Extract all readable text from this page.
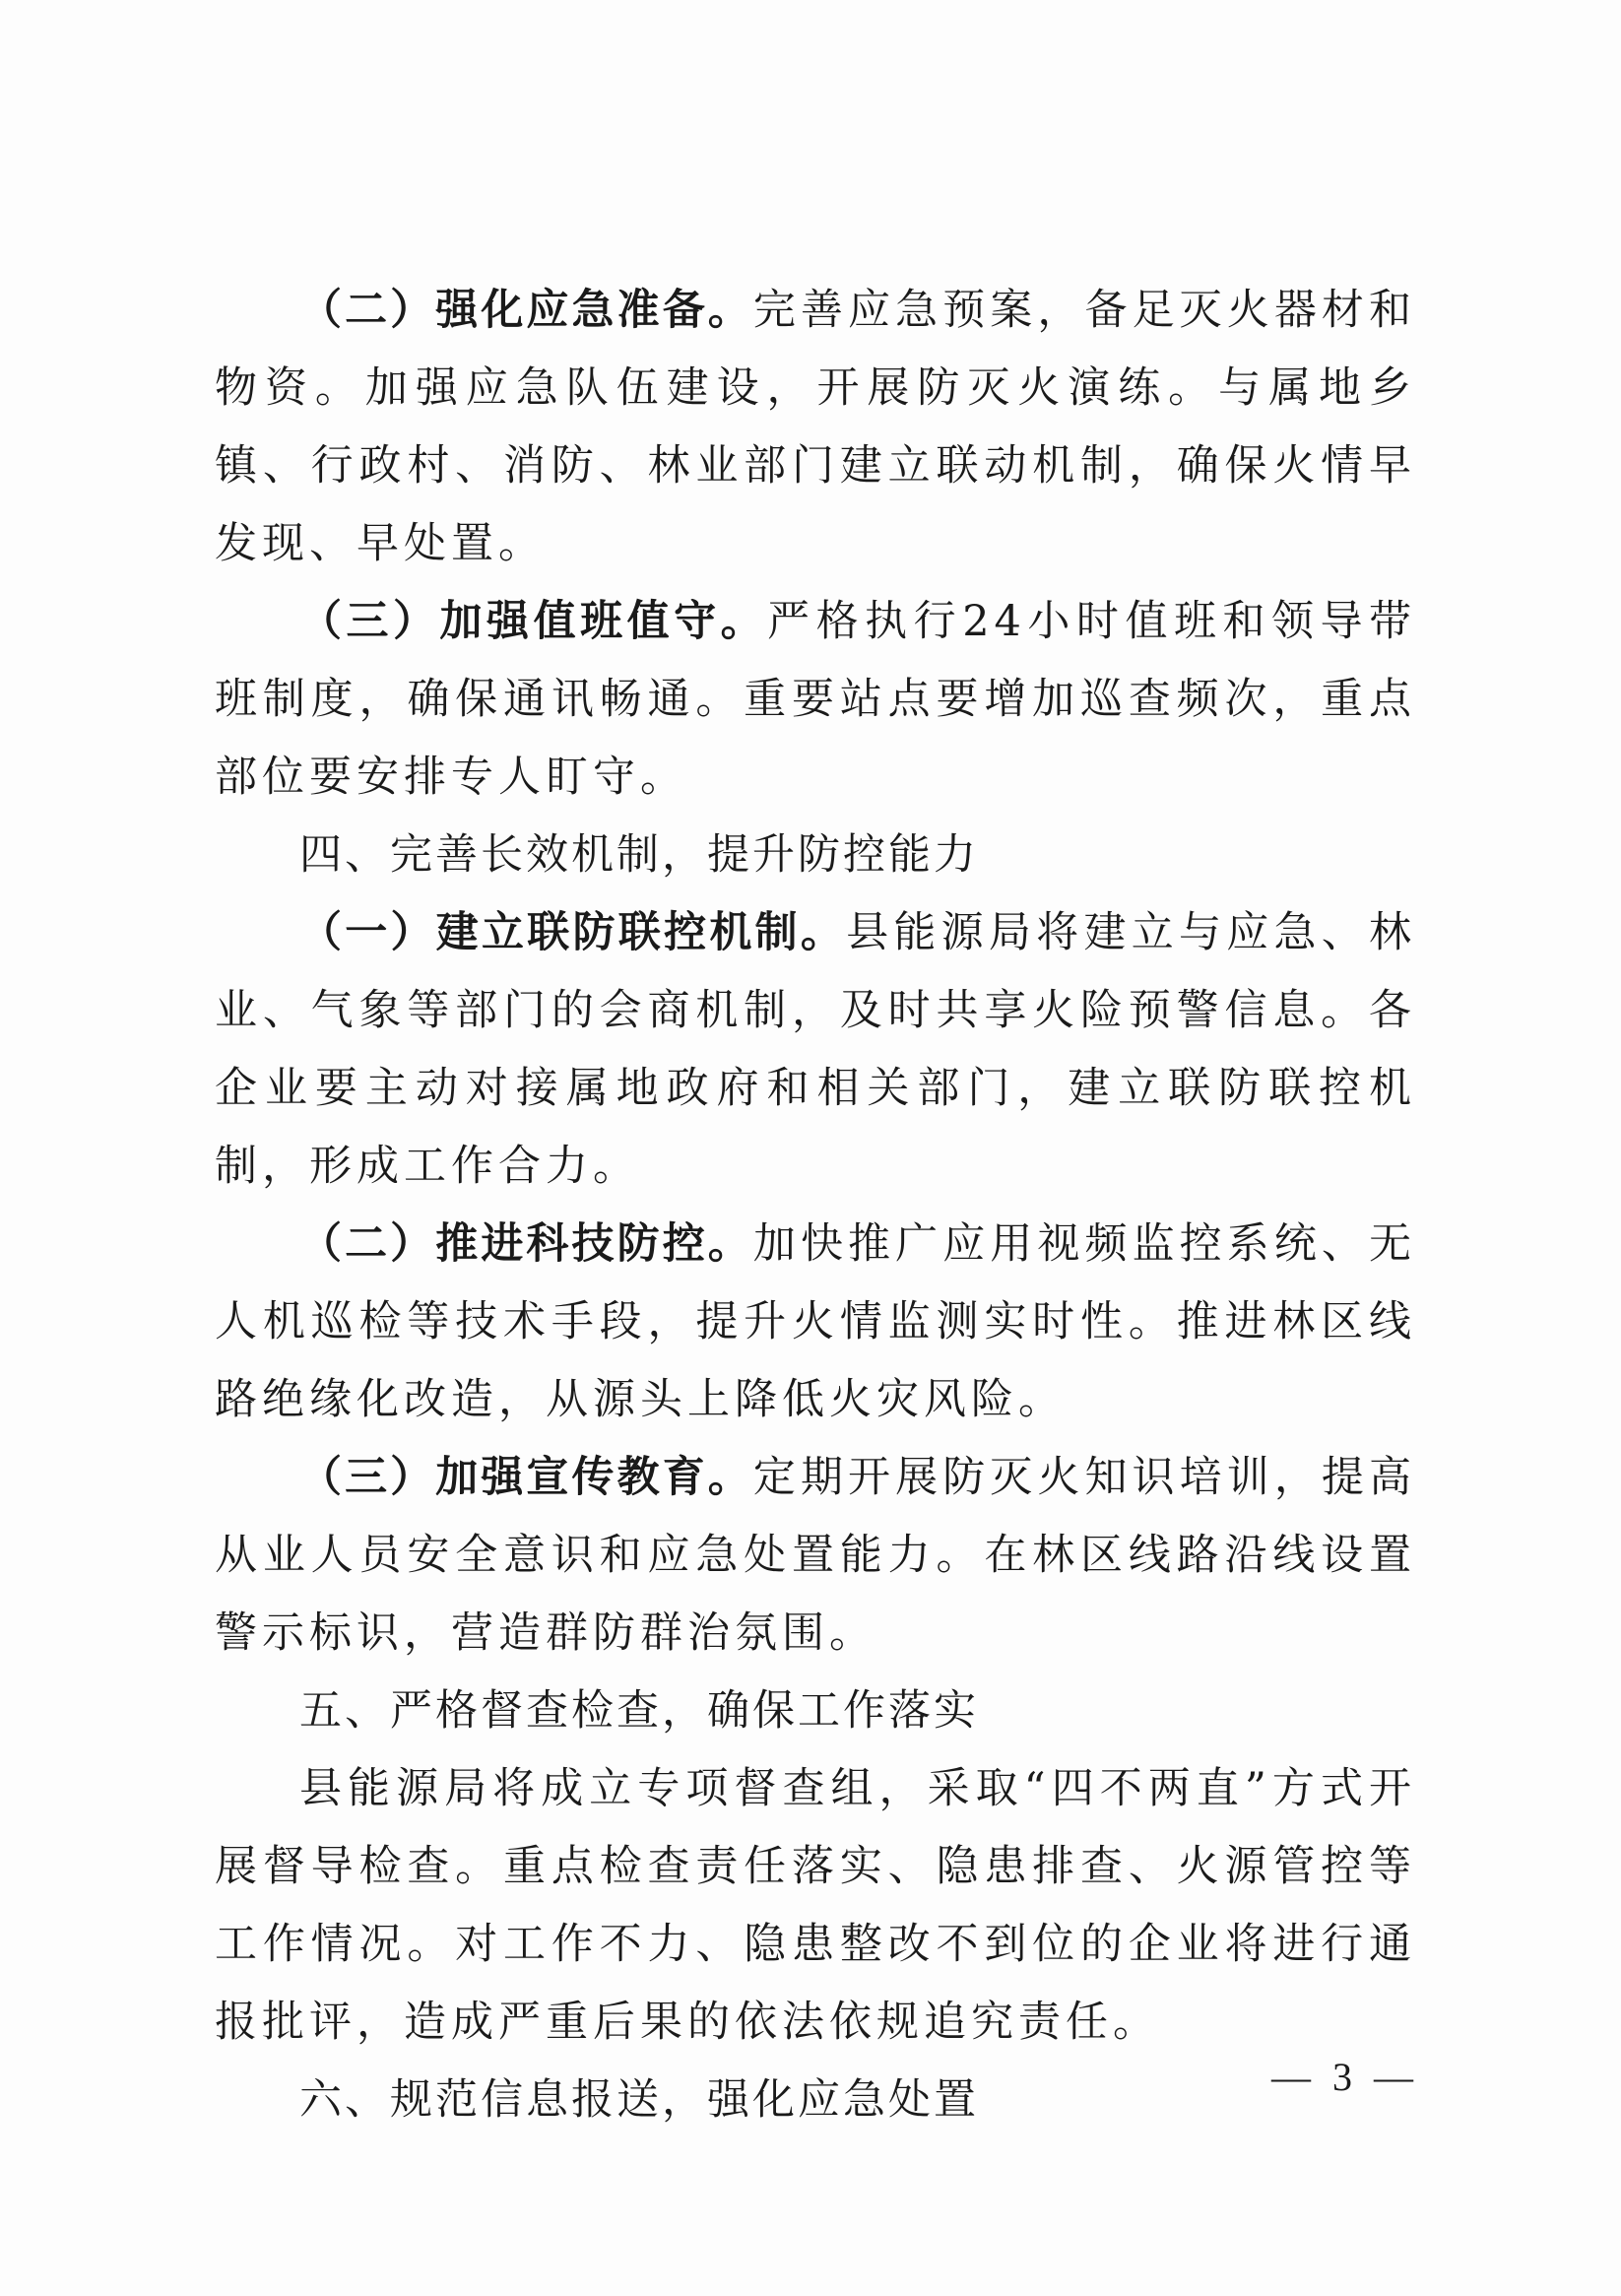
（二）强化应急准备。完善应急预案，备足灭火器材和物资。加强应急队伍建设，开展防灭火演练。与属地乡镇、行政村、消防、林业部门建立联动机制，确保火情早发现、早处置。

（三）加强值班值守。严格执行24小时值班和领导带班制度，确保通讯畅通。重要站点要增加巡查频次，重点部位要安排专人盯守。

四、完善长效机制，提升防控能力

（一）建立联防联控机制。县能源局将建立与应急、林业、气象等部门的会商机制，及时共享火险预警信息。各企业要主动对接属地政府和相关部门，建立联防联控机制，形成工作合力。

（二）推进科技防控。加快推广应用视频监控系统、无人机巡检等技术手段，提升火情监测实时性。推进林区线路绝缘化改造，从源头上降低火灾风险。

（三）加强宣传教育。定期开展防灭火知识培训，提高从业人员安全意识和应急处置能力。在林区线路沿线设置警示标识，营造群防群治氛围。

五、严格督查检查，确保工作落实

县能源局将成立专项督查组，采取“四不两直”方式开展督导检查。重点检查责任落实、隐患排查、火源管控等工作情况。对工作不力、隐患整改不到位的企业将进行通报批评，造成严重后果的依法依规追究责任。

六、规范信息报送，强化应急处置	— 3 —
